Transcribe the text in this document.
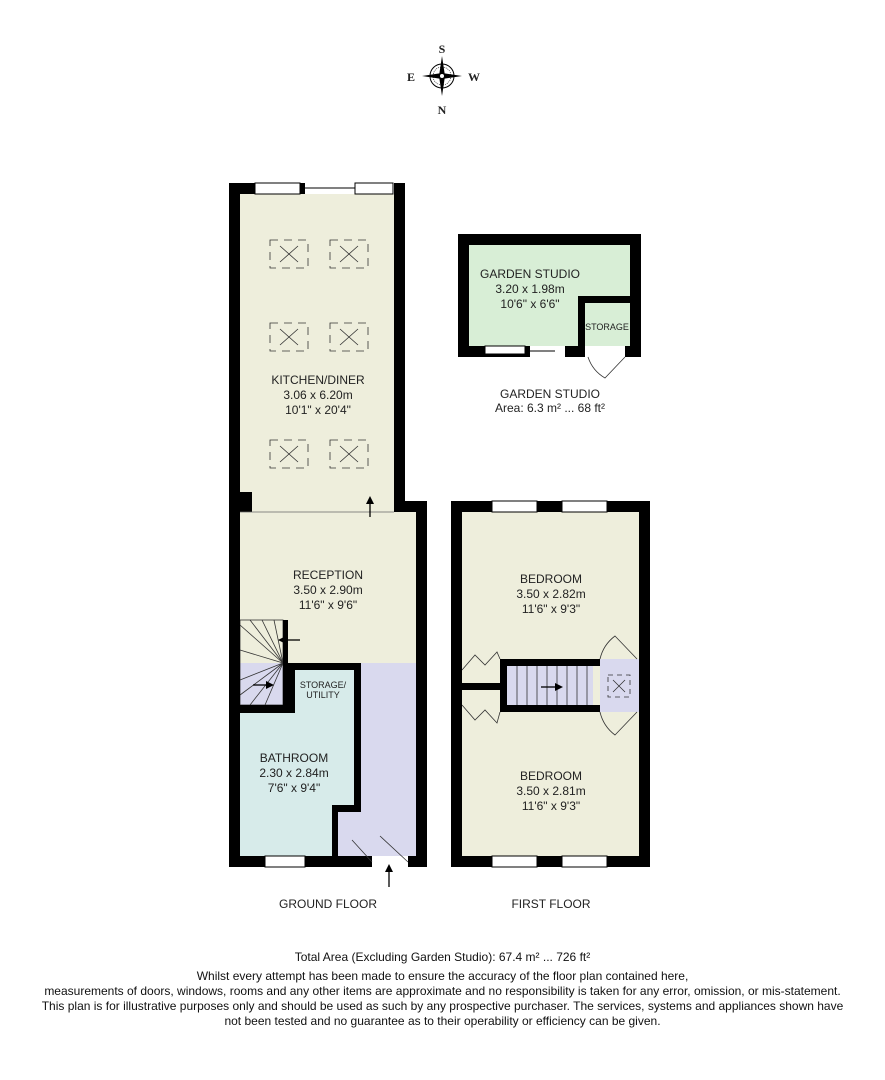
S
N
E	W
KITCHEN/DINER
3.06 x 6.20m
10'1" x 20'4"
RECEPTION
3.50 x 2.90m
11'6" x 9'6"
STORAGE/
UTILITY
BATHROOM
2.30 x 2.84m
7'6" x 9'4"
GROUND FLOOR
GARDEN STUDIO
3.20 x 1.98m
10'6" x 6'6"
STORAGE
GARDEN STUDIO
Area: 6.3 m² ... 68 ft²
BEDROOM
3.50 x 2.82m
11'6" x 9'3"
BEDROOM
3.50 x 2.81m
11'6" x 9'3"
FIRST FLOOR
Total Area (Excluding Garden Studio): 67.4 m² ... 726 ft²
Whilst every attempt has been made to ensure the accuracy of the floor plan contained here,
measurements of doors, windows, rooms and any other items are approximate and no responsibility is taken for any error, omission, or mis-statement.
This plan is for illustrative purposes only and should be used as such by any prospective purchaser. The services, systems and appliances shown have
not been tested and no guarantee as to their operability or efficiency can be given.
